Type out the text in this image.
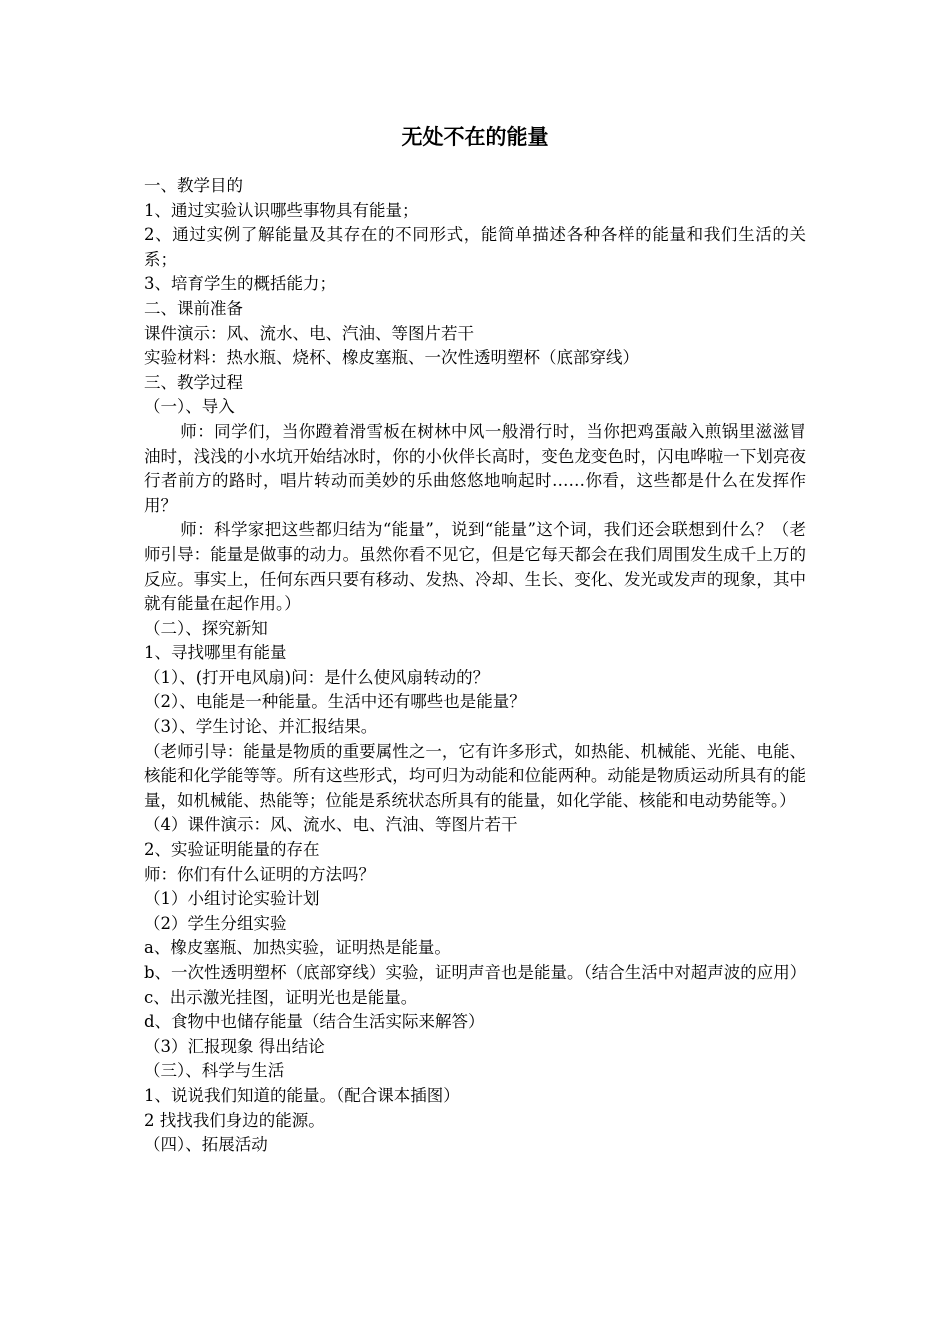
无处不在的能量

一、教学目的

1、通过实验认识哪些事物具有能量；

2、通过实例了解能量及其存在的不同形式，能简单描述各种各样的能量和我们生活的关系；

3、培育学生的概括能力；

二、课前准备

课件演示：风、流水、电、汽油、等图片若干

实验材料：热水瓶、烧杯、橡皮塞瓶、一次性透明塑杯（底部穿线）

三、教学过程

（一）、导入

师：同学们，当你蹬着滑雪板在树林中风一般滑行时，当你把鸡蛋敲入煎锅里滋滋冒油时，浅浅的小水坑开始结冰时，你的小伙伴长高时，变色龙变色时，闪电哗啦一下划亮夜行者前方的路时，唱片转动而美妙的乐曲悠悠地响起时……你看，这些都是什么在发挥作用？

师：科学家把这些都归结为“能量”，说到“能量”这个词，我们还会联想到什么？（老师引导：能量是做事的动力。虽然你看不见它，但是它每天都会在我们周围发生成千上万的反应。事实上，任何东西只要有移动、发热、冷却、生长、变化、发光或发声的现象，其中就有能量在起作用。）

（二）、探究新知

1、寻找哪里有能量

（1）、(打开电风扇)问：是什么使风扇转动的？

（2）、电能是一种能量。生活中还有哪些也是能量？

（3）、学生讨论、并汇报结果。

（老师引导：能量是物质的重要属性之一，它有许多形式，如热能、机械能、光能、电能、核能和化学能等等。所有这些形式，均可归为动能和位能两种。动能是物质运动所具有的能量，如机械能、热能等；位能是系统状态所具有的能量，如化学能、核能和电动势能等。）

（4）课件演示：风、流水、电、汽油、等图片若干

2、实验证明能量的存在

师：你们有什么证明的方法吗？

（1）小组讨论实验计划

（2）学生分组实验

a、橡皮塞瓶、加热实验，证明热是能量。

b、一次性透明塑杯（底部穿线）实验，证明声音也是能量。（结合生活中对超声波的应用）

c、出示激光挂图，证明光也是能量。

d、食物中也储存能量（结合生活实际来解答）

（3）汇报现象 得出结论

（三）、科学与生活

1、说说我们知道的能量。（配合课本插图）

2 找找我们身边的能源。

（四）、拓展活动
